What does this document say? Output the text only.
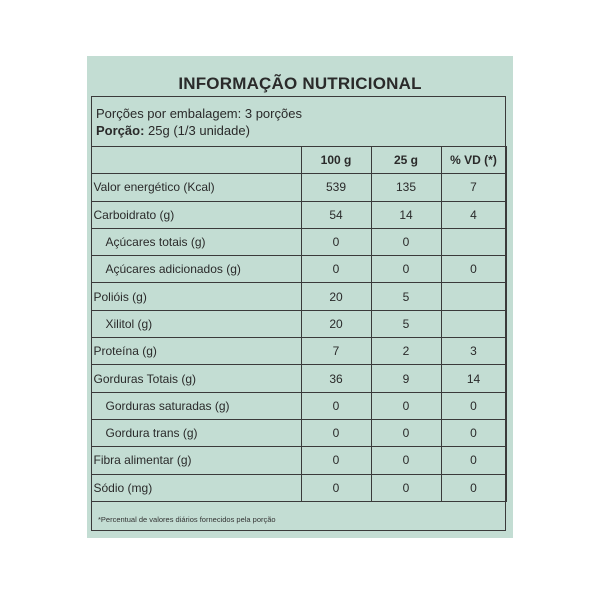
INFORMAÇÃO NUTRICIONAL
Porções por embalagem: 3 porções
Porção: 25g (1/3 unidade)
	100 g	25 g	% VD (*)
Valor energético (Kcal)	539	135	7
Carboidrato (g)	54	14	4
Açúcares totais (g)	0	0	
Açúcares adicionados (g)	0	0	0
Polióis (g)	20	5	
Xilitol (g)	20	5	
Proteína (g)	7	2	3
Gorduras Totais (g)	36	9	14
Gorduras saturadas (g)	0	0	0
Gordura trans (g)	0	0	0
Fibra alimentar (g)	0	0	0
Sódio (mg)	0	0	0
*Percentual de valores diários fornecidos pela porção
